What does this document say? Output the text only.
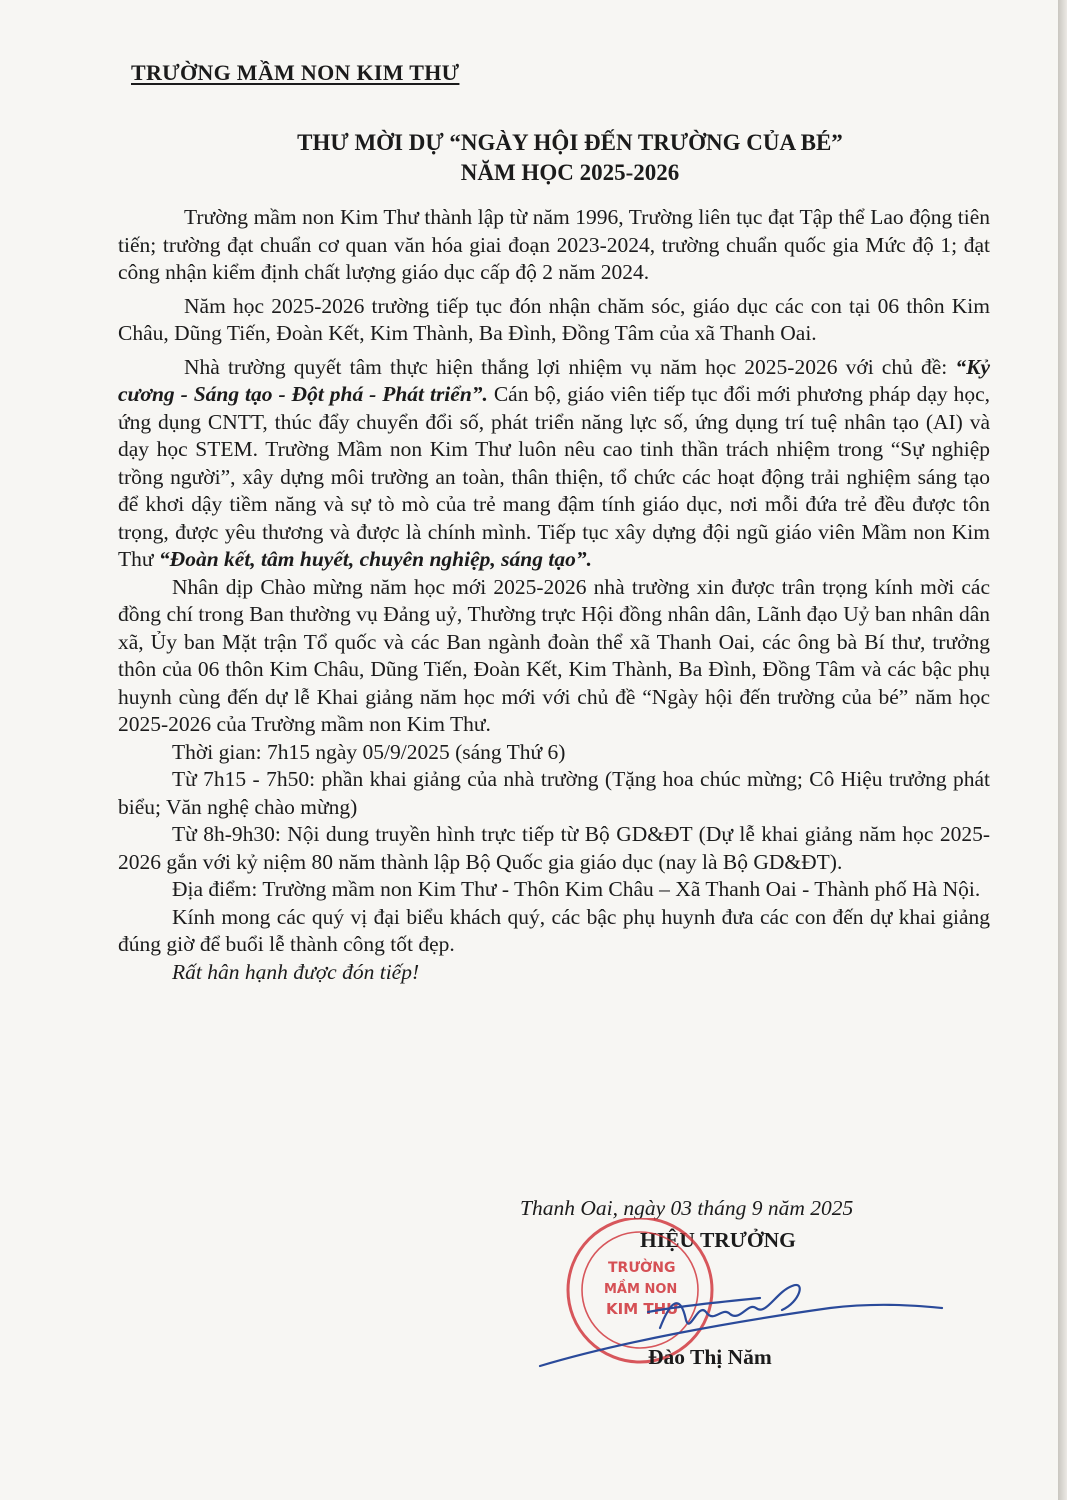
TRƯỜNG MẦM NON KIM THƯ
THƯ MỜI DỰ “NGÀY HỘI ĐẾN TRƯỜNG CỦA BÉ”
NĂM HỌC 2025-2026

Trường mầm non Kim Thư thành lập từ năm 1996, Trường liên tục đạt Tập thể Lao động tiên tiến; trường đạt chuẩn cơ quan văn hóa giai đoạn 2023-2024, trường chuẩn quốc gia Mức độ 1; đạt công nhận kiểm định chất lượng giáo dục cấp độ 2 năm 2024.

Năm học 2025-2026 trường tiếp tục đón nhận chăm sóc, giáo dục các con tại 06 thôn Kim Châu, Dũng Tiến, Đoàn Kết, Kim Thành, Ba Đình, Đồng Tâm của xã Thanh Oai.

Nhà trường quyết tâm thực hiện thắng lợi nhiệm vụ năm học 2025-2026 với chủ đề: “Kỷ cương - Sáng tạo - Đột phá - Phát triển”. Cán bộ, giáo viên tiếp tục đổi mới phương pháp dạy học, ứng dụng CNTT, thúc đẩy chuyển đổi số, phát triển năng lực số, ứng dụng trí tuệ nhân tạo (AI) và dạy học STEM. Trường Mầm non Kim Thư luôn nêu cao tinh thần trách nhiệm trong “Sự nghiệp trồng người”, xây dựng môi trường an toàn, thân thiện, tổ chức các hoạt động trải nghiệm sáng tạo để khơi dậy tiềm năng và sự tò mò của trẻ mang đậm tính giáo dục, nơi mỗi đứa trẻ đều được tôn trọng, được yêu thương và được là chính mình. Tiếp tục xây dựng đội ngũ giáo viên Mầm non Kim Thư “Đoàn kết, tâm huyết, chuyên nghiệp, sáng tạo”.

Nhân dịp Chào mừng năm học mới 2025-2026 nhà trường xin được trân trọng kính mời các đồng chí trong Ban thường vụ Đảng uỷ, Thường trực Hội đồng nhân dân, Lãnh đạo Uỷ ban nhân dân xã, Ủy ban Mặt trận Tổ quốc và các Ban ngành đoàn thể xã Thanh Oai, các ông bà Bí thư, trưởng thôn của 06 thôn Kim Châu, Dũng Tiến, Đoàn Kết, Kim Thành, Ba Đình, Đồng Tâm và các bậc phụ huynh cùng đến dự lễ Khai giảng năm học mới với chủ đề “Ngày hội đến trường của bé” năm học 2025-2026 của Trường mầm non Kim Thư.

Thời gian: 7h15 ngày 05/9/2025 (sáng Thứ 6)

Từ 7h15 - 7h50: phần khai giảng của nhà trường (Tặng hoa chúc mừng; Cô Hiệu trưởng phát biểu; Văn nghệ chào mừng)

Từ 8h-9h30: Nội dung truyền hình trực tiếp từ Bộ GD&ĐT (Dự lễ khai giảng năm học 2025-2026 gắn với kỷ niệm 80 năm thành lập Bộ Quốc gia giáo dục (nay là Bộ GD&ĐT).

Địa điểm: Trường mầm non Kim Thư - Thôn Kim Châu – Xã Thanh Oai - Thành phố Hà Nội.

Kính mong các quý vị đại biểu khách quý, các bậc phụ huynh đưa các con đến dự khai giảng đúng giờ để buổi lễ thành công tốt đẹp.

Rất hân hạnh được đón tiếp!

Thanh Oai, ngày 03 tháng 9 năm 2025
HIỆU TRƯỞNG
TRƯỜNG
MẦM NON
KIM THƯ
Đào Thị Năm
